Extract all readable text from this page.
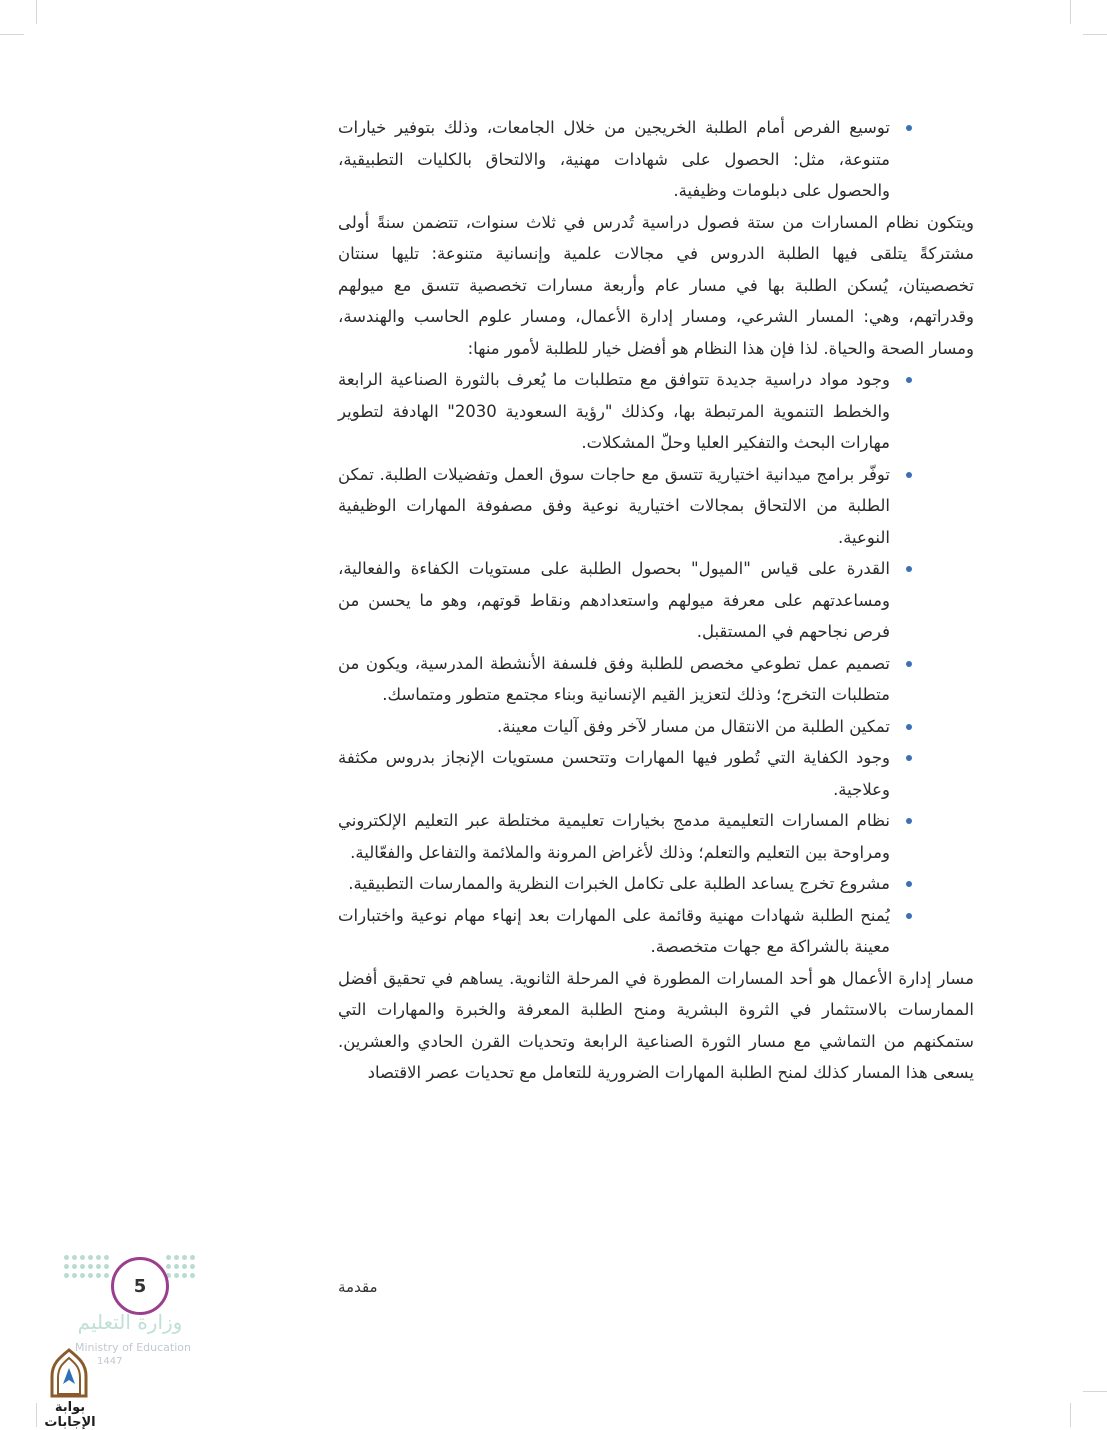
توسيع الفرص أمام الطلبة الخريجين من خلال الجامعات، وذلك بتوفير خيارات متنوعة، مثل: الحصول على شهادات مهنية، والالتحاق بالكليات التطبيقية، والحصول على دبلومات وظيفية.

ويتكون نظام المسارات من ستة فصول دراسية تُدرس في ثلاث سنوات، تتضمن سنةً أولى مشتركةً يتلقى فيها الطلبة الدروس في مجالات علمية وإنسانية متنوعة: تليها سنتان تخصصيتان، يُسكن الطلبة بها في مسار عام وأربعة مسارات تخصصية تتسق مع ميولهم وقدراتهم، وهي: المسار الشرعي، ومسار إدارة الأعمال، ومسار علوم الحاسب والهندسة، ومسار الصحة والحياة. لذا فإن هذا النظام هو أفضل خيار للطلبة لأمور منها:

وجود مواد دراسية جديدة تتوافق مع متطلبات ما يُعرف بالثورة الصناعية الرابعة والخطط التنموية المرتبطة بها، وكذلك "رؤية السعودية 2030" الهادفة لتطوير مهارات البحث والتفكير العليا وحلّ المشكلات.
توفّر برامج ميدانية اختيارية تتسق مع حاجات سوق العمل وتفضيلات الطلبة. تمكن الطلبة من الالتحاق بمجالات اختيارية نوعية وفق مصفوفة المهارات الوظيفية النوعية.
القدرة على قياس "الميول" بحصول الطلبة على مستويات الكفاءة والفعالية، ومساعدتهم على معرفة ميولهم واستعدادهم ونقاط قوتهم، وهو ما يحسن من فرص نجاحهم في المستقبل.
تصميم عمل تطوعي مخصص للطلبة وفق فلسفة الأنشطة المدرسية، ويكون من متطلبات التخرج؛ وذلك لتعزيز القيم الإنسانية وبناء مجتمع متطور ومتماسك.
تمكين الطلبة من الانتقال من مسار لآخر وفق آليات معينة.
وجود الكفاية التي تُطور فيها المهارات وتتحسن مستويات الإنجاز بدروس مكثفة وعلاجية.
نظام المسارات التعليمية مدمج بخيارات تعليمية مختلطة عبر التعليم الإلكتروني ومراوحة بين التعليم والتعلم؛ وذلك لأغراض المرونة والملائمة والتفاعل والفعّالية.
مشروع تخرج يساعد الطلبة على تكامل الخبرات النظرية والممارسات التطبيقية.
يُمنح الطلبة شهادات مهنية وقائمة على المهارات بعد إنهاء مهام نوعية واختبارات معينة بالشراكة مع جهات متخصصة.

مسار إدارة الأعمال هو أحد المسارات المطورة في المرحلة الثانوية. يساهم في تحقيق أفضل الممارسات بالاستثمار في الثروة البشرية ومنح الطلبة المعرفة والخبرة والمهارات التي ستمكنهم من التماشي مع مسار الثورة الصناعية الرابعة وتحديات القرن الحادي والعشرين. يسعى هذا المسار كذلك لمنح الطلبة المهارات الضرورية للتعامل مع تحديات عصر الاقتصاد

مقدمة
5
وزارة التعليم
Ministry of Education
1447
بوابة الإجابات
